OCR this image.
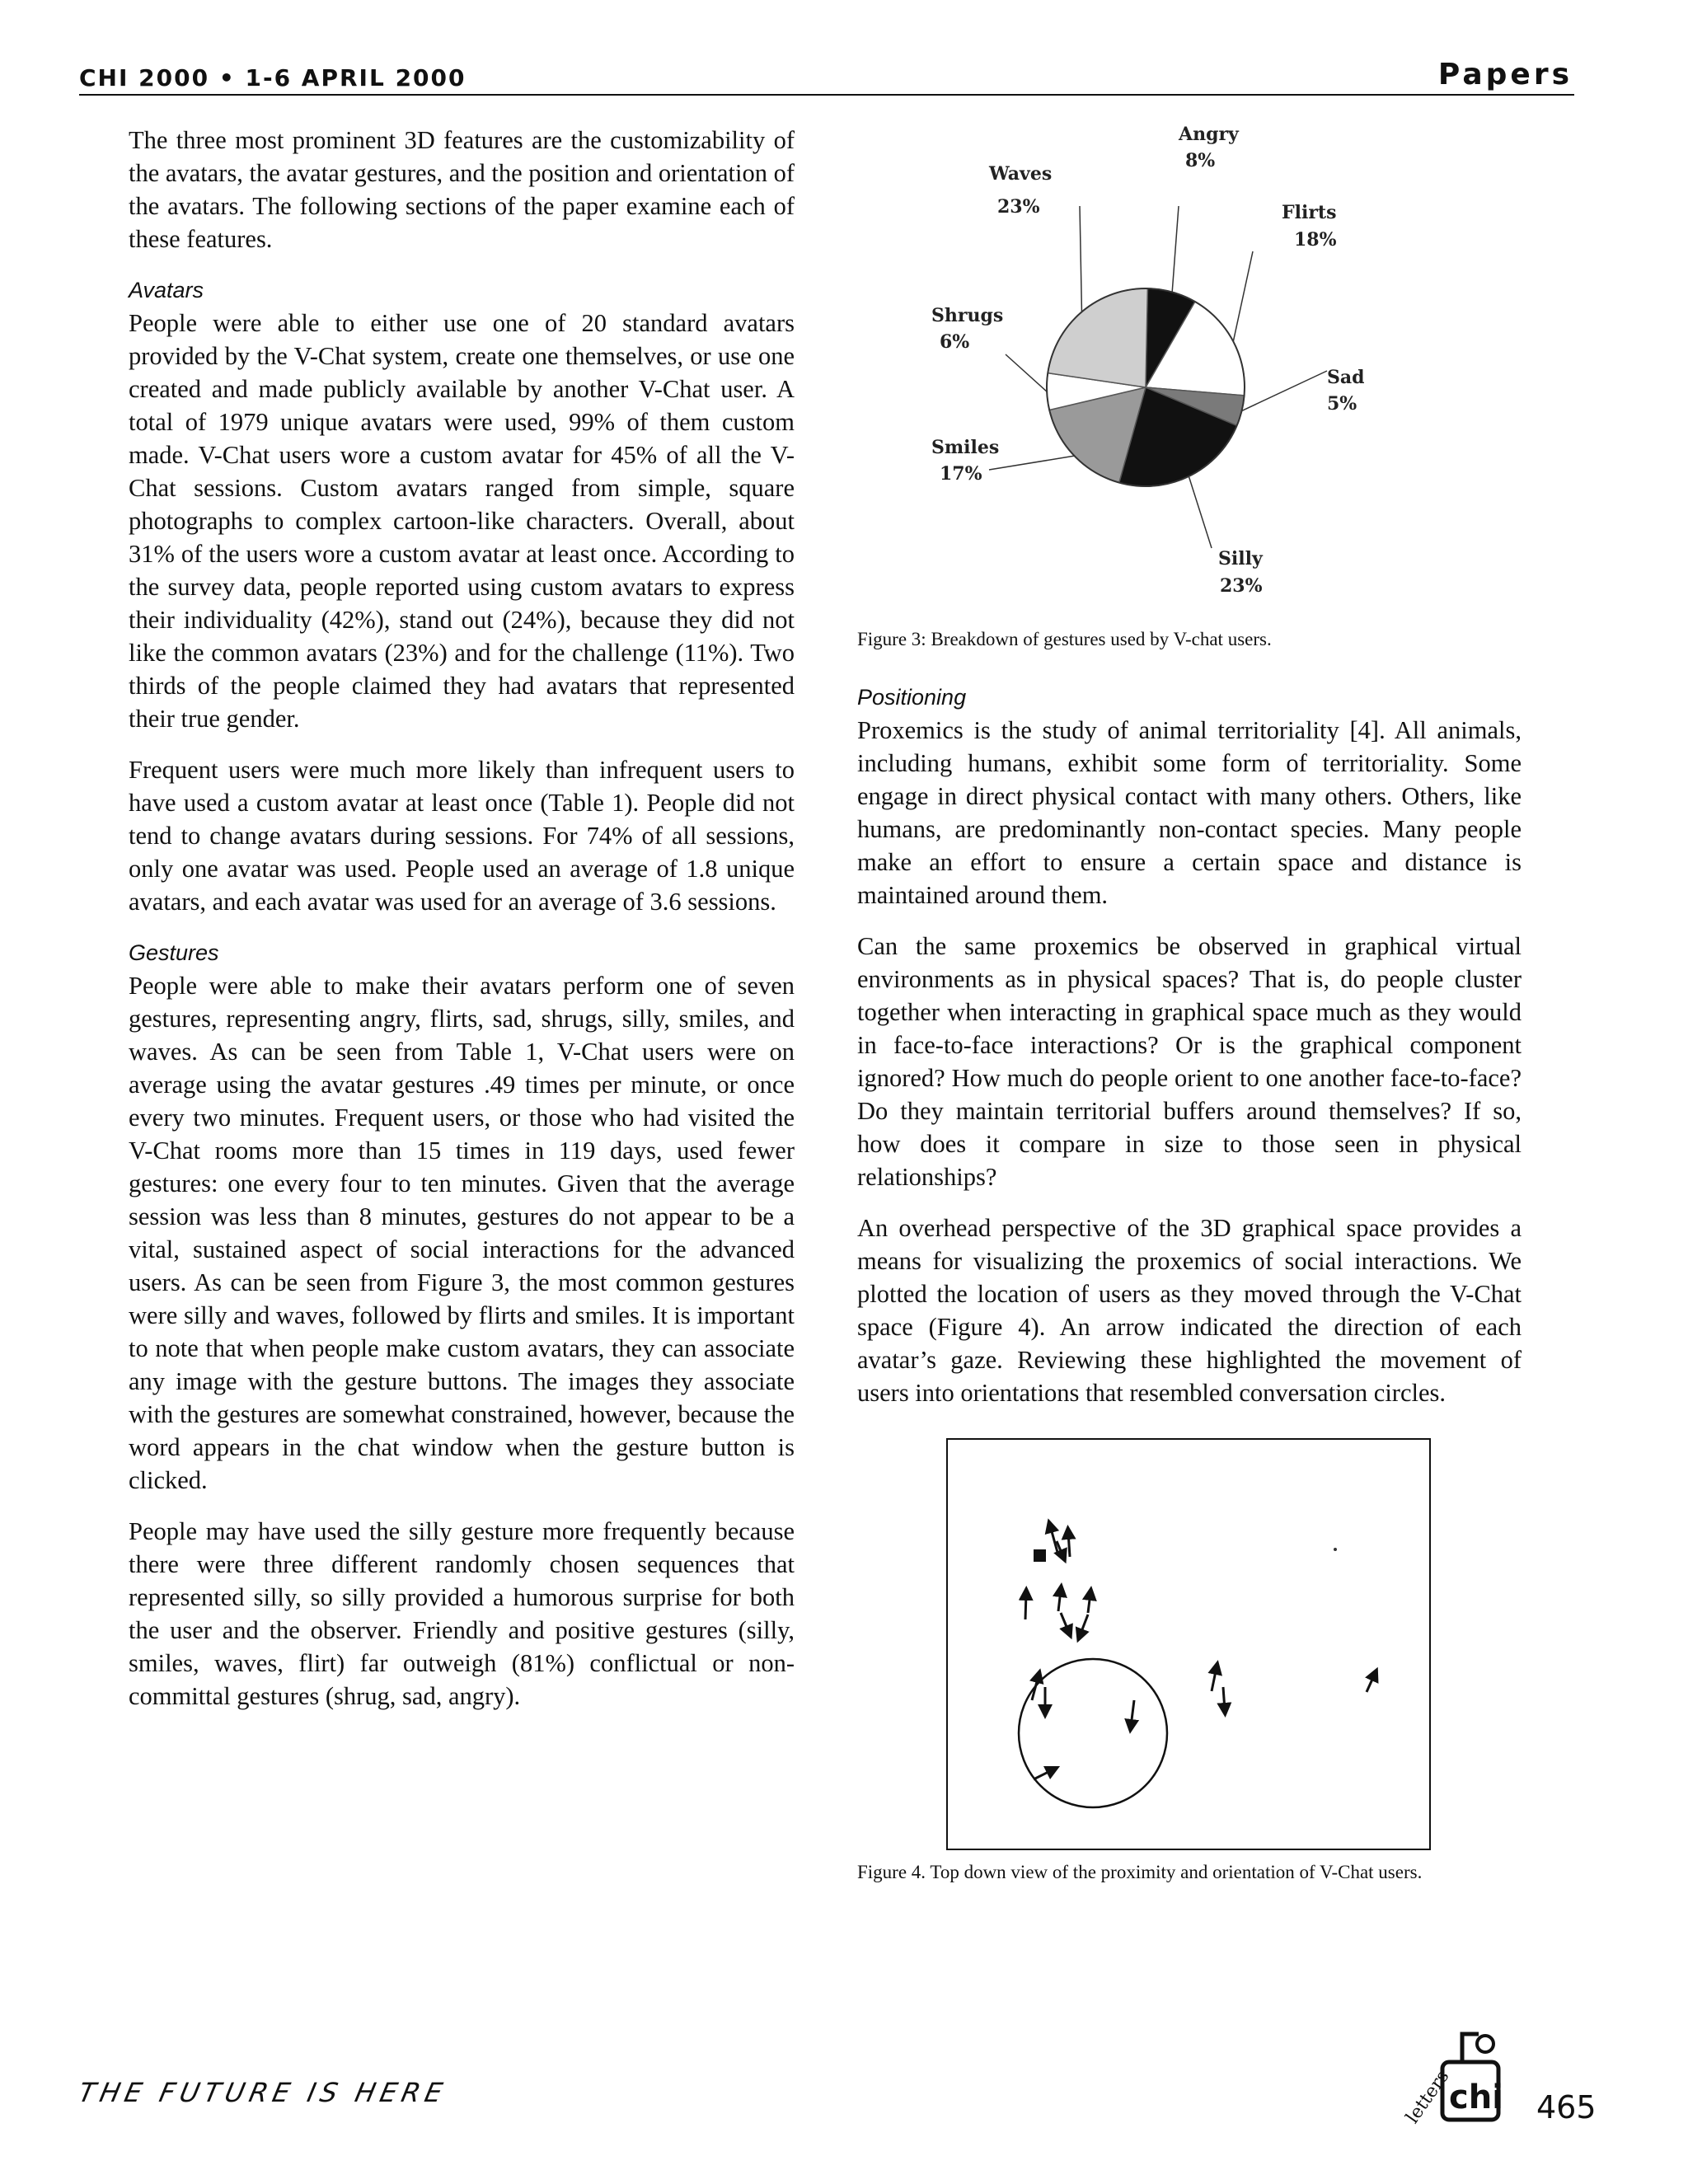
CHI 2000 • 1-6 APRIL 2000	Papers

The three most prominent 3D features are the customizability of the avatars, the avatar gestures, and the position and orientation of the avatars. The following sections of the paper examine each of these features.

Avatars

People were able to either use one of 20 standard avatars provided by the V-Chat system, create one themselves, or use one created and made publicly available by another V-Chat user. A total of 1979 unique avatars were used, 99% of them custom made. V-Chat users wore a custom avatar for 45% of all the V-Chat sessions. Custom avatars ranged from simple, square photographs to complex cartoon-like characters. Overall, about 31% of the users wore a custom avatar at least once. According to the survey data, people reported using custom avatars to express their individuality (42%), stand out (24%), because they did not like the common avatars (23%) and for the challenge (11%). Two thirds of the people claimed they had avatars that represented their true gender.

Frequent users were much more likely than infrequent users to have used a custom avatar at least once (Table 1). People did not tend to change avatars during sessions. For 74% of all sessions, only one avatar was used. People used an average of 1.8 unique avatars, and each avatar was used for an average of 3.6 sessions.

Gestures

People were able to make their avatars perform one of seven gestures, representing angry, flirts, sad, shrugs, silly, smiles, and waves. As can be seen from Table 1, V-Chat users were on average using the avatar gestures .49 times per minute, or once every two minutes. Frequent users, or those who had visited the V-Chat rooms more than 15 times in 119 days, used fewer gestures: one every four to ten minutes. Given that the average session was less than 8 minutes, gestures do not appear to be a vital, sustained aspect of social interactions for the advanced users. As can be seen from Figure 3, the most common gestures were silly and waves, followed by flirts and smiles. It is important to note that when people make custom avatars, they can associate any image with the gesture buttons. The images they associate with the gestures are somewhat constrained, however, because the word appears in the chat window when the gesture button is clicked.

People may have used the silly gesture more frequently because there were three different randomly chosen sequences that represented silly, so silly provided a humorous surprise for both the user and the observer. Friendly and positive gestures (silly, smiles, waves, flirt) far outweigh (81%) conflictual or non-committal gestures (shrug, sad, angry).

Angry
8%
Flirts
18%
Sad
5%
Silly
23%
Smiles
17%
Shrugs
6%
Waves
23%
Figure 3: Breakdown of gestures used by V-chat users.
Positioning

Proxemics is the study of animal territoriality [4]. All animals, including humans, exhibit some form of territoriality. Some engage in direct physical contact with many others. Others, like humans, are predominantly non-contact species. Many people make an effort to ensure a certain space and distance is maintained around them.

Can the same proxemics be observed in graphical virtual environments as in physical spaces? That is, do people cluster together when interacting in graphical space much as they would in face-to-face interactions? Or is the graphical component ignored? How much do people orient to one another face-to-face? Do they maintain territorial buffers around themselves? If so, how does it compare in size to those seen in physical relationships?

An overhead perspective of the 3D graphical space provides a means for visualizing the proxemics of social interactions. We plotted the location of users as they moved through the V-Chat space (Figure 4). An arrow indicated the direction of each avatar’s gaze. Reviewing these highlighted the movement of users into orientations that resembled conversation circles.

Figure 4. Top down view of the proximity and orientation of V-Chat users.
THE FUTURE IS HERE	letters
chi 465
